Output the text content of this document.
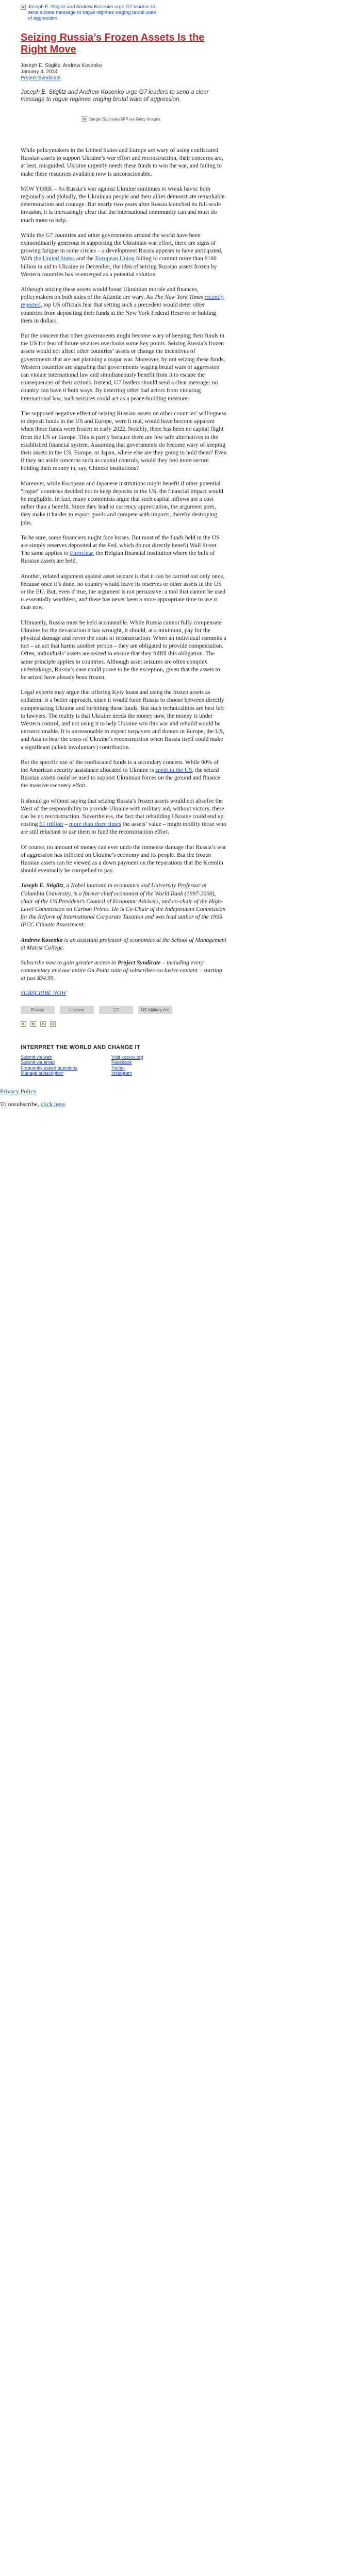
Joseph E. Stiglitz and Andrew Kosenko urge G7 leaders to send a clear message to rogue regimes waging brutal wars of aggression.
Seizing Russia’s Frozen Assets Is the Right Move
Joseph E. Stiglitz, Andrew Kosenko
January 4, 2024
Project Syndicate
Joseph E. Stiglitz and Andrew Kosenko urge G7 leaders to send a clear message to rogue regimes waging brutal wars of aggression.
Sergei Supinsky/AFP via Getty Images

While policymakers in the United States and Europe are wary of using confiscated Russian assets to support Ukraine’s war effort and reconstruction, their concerns are, at best, misguided. Ukraine urgently needs these funds to win the war, and failing to make these resources available now is unconscionable.

NEW YORK – As Russia’s war against Ukraine continues to wreak havoc both regionally and globally, the Ukrainian people and their allies demonstrate remarkable determination and courage. But nearly two years after Russia launched its full-scale invasion, it is increasingly clear that the international community can and must do much more to help.

While the G7 countries and other governments around the world have been extraordinarily generous in supporting the Ukrainian war effort, there are signs of growing fatigue in some circles – a development Russia appears to have anticipated. With the United States and the European Union failing to commit more than $100 billion in aid to Ukraine in December, the idea of seizing Russian assets frozen by Western countries has re-emerged as a potential solution.

Although seizing these assets would boost Ukrainian morale and finances, policymakers on both sides of the Atlantic are wary. As The New York Times recently reported, top US officials fear that setting such a precedent would deter other countries from depositing their funds at the New York Federal Reserve or holding them in dollars.

But the concern that other governments might become wary of keeping their funds in the US for fear of future seizures overlooks some key points. Seizing Russia’s frozen assets would not affect other countries’ assets or change the incentives of governments that are not planning a major war. Moreover, by not seizing these funds, Western countries are signaling that governments waging brutal wars of aggression can violate international law and simultaneously benefit from it to escape the consequences of their actions. Instead, G7 leaders should send a clear message: no country can have it both ways. By deterring other bad actors from violating international law, such seizures could act as a peace-building measure.

The supposed negative effect of seizing Russian assets on other countries’ willingness to deposit funds in the US and Europe, were it real, would have become apparent when these funds were frozen in early 2022. Notably, there has been no capital flight from the US or Europe. This is partly because there are few safe alternatives to the established financial system. Assuming that governments do become wary of keeping their assets in the US, Europe, or Japan, where else are they going to hold them? Even if they set aside concerns such as capital controls, would they feel more secure holding their money in, say, Chinese institutions?

Moreover, while European and Japanese institutions might benefit if other potential “rogue” countries decided not to keep deposits in the US, the financial impact would be negligible. In fact, many economists argue that such capital inflows are a cost rather than a benefit. Since they lead to currency appreciation, the argument goes, they make it harder to export goods and compete with imports, thereby destroying jobs.

To be sure, some financiers might face losses. But most of the funds held in the US are simply reserves deposited at the Fed, which do not directly benefit Wall Street. The same applies to Euroclear, the Belgian financial institution where the bulk of Russian assets are held.

Another, related argument against asset seizure is that it can be carried out only once, because once it’s done, no country would leave its reserves or other assets in the US or the EU. But, even if true, the argument is not persuasive: a tool that cannot be used is essentially worthless, and there has never been a more appropriate time to use it than now.

Ultimately, Russia must be held accountable. While Russia cannot fully compensate Ukraine for the devastation it has wrought, it should, at a minimum, pay for the physical damage and cover the costs of reconstruction. When an individual commits a tort – an act that harms another person – they are obligated to provide compensation. Often, individuals’ assets are seized to ensure that they fulfill this obligation. The same principle applies to countries. Although asset seizures are often complex undertakings, Russia’s case could prove to be the exception, given that the assets to be seized have already been frozen.

Legal experts may argue that offering Kyiv loans and using the frozen assets as collateral is a better approach, since it would force Russia to choose between directly compensating Ukraine and forfeiting these funds. But such technicalities are best left to lawyers. The reality is that Ukraine needs the money now, the money is under Western control, and not using it to help Ukraine win this war and rebuild would be unconscionable. It is unreasonable to expect taxpayers and donors in Europe, the US, and Asia to bear the costs of Ukraine’s reconstruction when Russia itself could make a significant (albeit involuntary) contribution.

But the specific use of the confiscated funds is a secondary concern. While 90% of the American security assistance allocated to Ukraine is spent in the US, the seized Russian assets could be used to support Ukrainian forces on the ground and finance the massive recovery effort.

It should go without saying that seizing Russia’s frozen assets would not absolve the West of the responsibility to provide Ukraine with military aid; without victory, there can be no reconstruction. Nevertheless, the fact that rebuilding Ukraine could end up costing $1 trillion – more than three times the assets’ value – might mollify those who are still reluctant to use them to fund the reconstruction effort.

Of course, no amount of money can ever undo the immense damage that Russia’s war of aggression has inflicted on Ukraine’s economy and its people. But the frozen Russian assets can be viewed as a down payment on the reparations that the Kremlin should eventually be compelled to pay.

Joseph E. Stiglitz, a Nobel laureate in economics and University Professor at Columbia University, is a former chief economist of the World Bank (1997-2000), chair of the US President’s Council of Economic Advisers, and co-chair of the High-Level Commission on Carbon Prices. He is Co-Chair of the Independent Commission for the Reform of International Corporate Taxation and was lead author of the 1995 IPCC Climate Assessment.

Andrew Kosenko is an assistant professor of economics at the School of Management at Marist College.

Subscribe now to gain greater access to Project Syndicate – including every commentary and our entire On Point suite of subscriber-exclusive content – starting at just $34.99.

SUBSCRIBE NOW
Russia	Ukraine	G7	US Military Aid
INTERPRET THE WORLD AND CHANGE IT
Submit via web
Submit via email
Frequently asked questions
Manage subscription
Visit xxxxxx.org
Facebook
Twitter
Instagram
Privacy Policy
To unsubscribe, click here.
